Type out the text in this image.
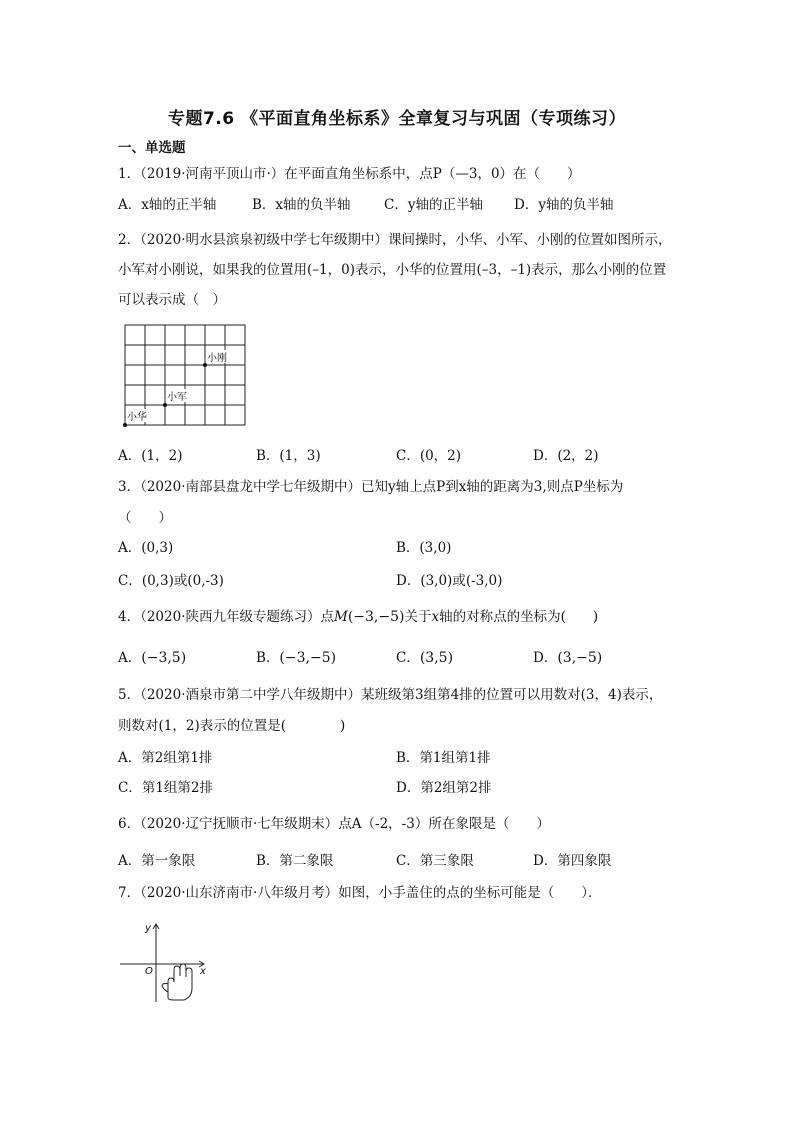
专题7.6 《平面直角坐标系》全章复习与巩固（专项练习）
一、单选题
1．（2019·河南平顶山市·）在平面直角坐标系中，点P（—3，0）在（　　）
A．x轴的正半轴	B．x轴的负半轴 C．y轴的正半轴 D．y轴的负半轴
2．（2020·明水县滨泉初级中学七年级期中）课间操时，小华、小军、小刚的位置如图所示，
小军对小刚说，如果我的位置用(–1，0)表示，小华的位置用(–3，–1)表示，那么小刚的位置
可以表示成（　）
小刚
小军
小华
A．(1，2)	B．(1，3)	C．(0，2)	D．(2，2)
3．（2020·南部县盘龙中学七年级期中）已知y轴上点P到x轴的距离为3,则点P坐标为
（　　）
A．(0,3)	B．(3,0)
C．(0,3)或(0,-3)	D．(3,0)或(-3,0)
4．（2020·陕西九年级专题练习）点M(−3,−5)关于x轴的对称点的坐标为(　　)
A．(−3,5)	B．(−3,−5)	C．(3,5)	D．(3,−5)
5．（2020·酒泉市第二中学八年级期中）某班级第3组第4排的位置可以用数对(3，4)表示，
则数对(1，2)表示的位置是(　　　　)
A．第2组第1排	B．第1组第1排
C．第1组第2排	D．第2组第2排
6．（2020·辽宁抚顺市·七年级期末）点A（-2，-3）所在象限是（　　）
A．第一象限	B．第二象限	C．第三象限	D．第四象限
7．（2020·山东济南市·八年级月考）如图，小手盖住的点的坐标可能是（　　）．
y
x
O
